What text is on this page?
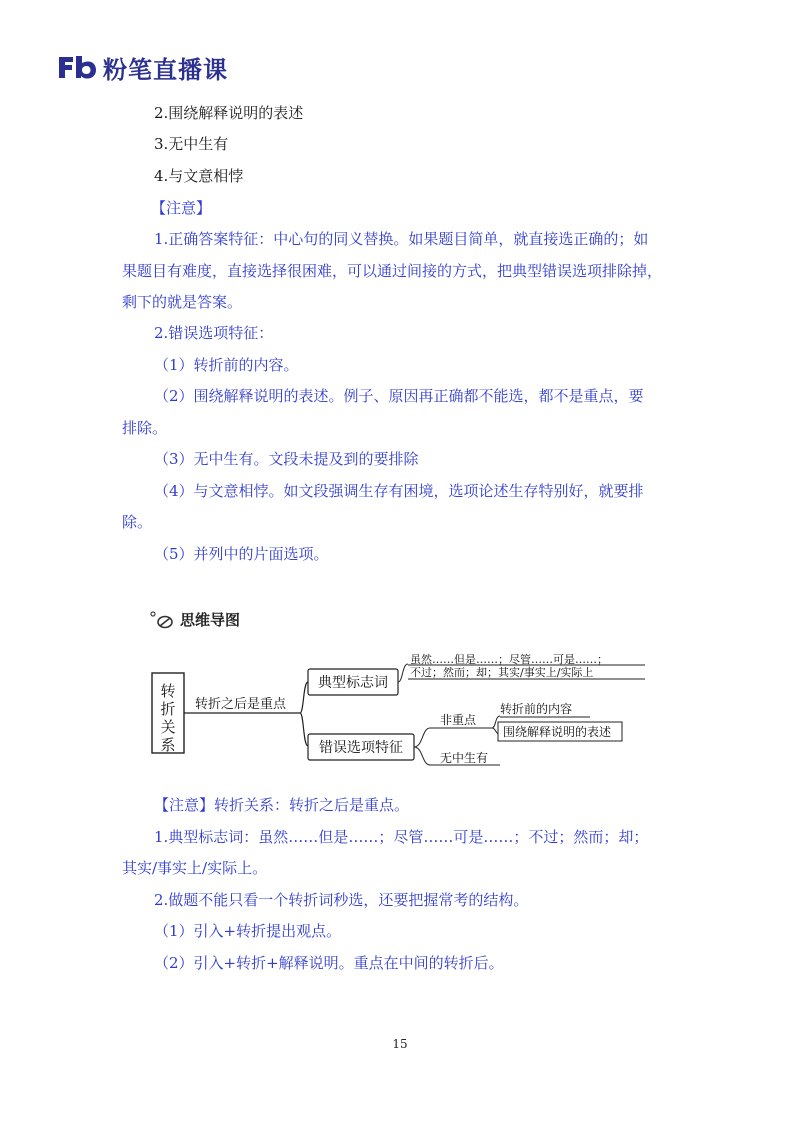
粉笔直播课
2.围绕解释说明的表述
3.无中生有
4.与文意相悖
【注意】
1.正确答案特征：中心句的同义替换。如果题目简单，就直接选正确的；如
果题目有难度，直接选择很困难，可以通过间接的方式，把典型错误选项排除掉，
剩下的就是答案。
2.错误选项特征：
（1）转折前的内容。
（2）围绕解释说明的表述。例子、原因再正确都不能选，都不是重点，要
排除。
（3）无中生有。文段未提及到的要排除
（4）与文意相悖。如文段强调生存有困境，选项论述生存特别好，就要排
除。
（5）并列中的片面选项。
思维导图
转折关系
转折之后是重点
典型标志词
虽然……但是……；尽管……可是……；
不过；然而；却；其实/事实上/实际上
错误选项特征
非重点
转折前的内容
围绕解释说明的表述
无中生有
【注意】转折关系：转折之后是重点。
1.典型标志词：虽然……但是……；尽管……可是……；不过；然而；却；
其实/事实上/实际上。
2.做题不能只看一个转折词秒选，还要把握常考的结构。
（1）引入+转折提出观点。
（2）引入+转折+解释说明。重点在中间的转折后。
15
